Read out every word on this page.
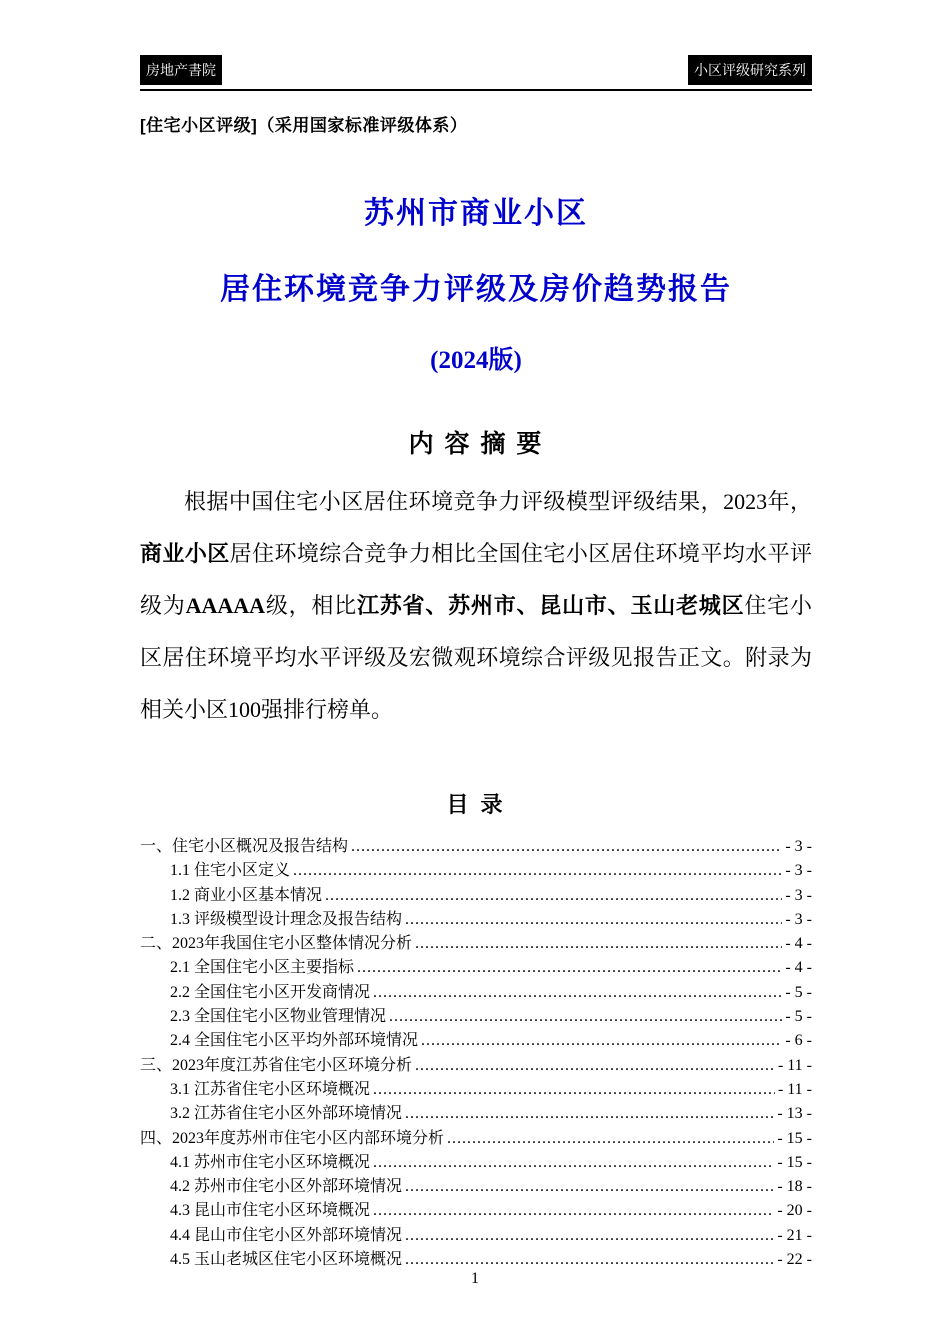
房地产書院	小区评级研究系列
[住宅小区评级]（采用国家标准评级体系）
苏州市商业小区
居住环境竞争力评级及房价趋势报告
(2024版)
内 容 摘 要

根据中国住宅小区居住环境竞争力评级模型评级结果，2023年，商业小区居住环境综合竞争力相比全国住宅小区居住环境平均水平评级为AAAAA级，相比江苏省、苏州市、昆山市、玉山老城区住宅小区居住环境平均水平评级及宏微观环境综合评级见报告正文。附录为相关小区100强排行榜单。

目 录
一、住宅小区概况及报告结构 .....	- 3 -
1.1 住宅小区定义 .....	- 3 -
1.2 商业小区基本情况 .....	- 3 -
1.3 评级模型设计理念及报告结构 .....	- 3 -
二、2023年我国住宅小区整体情况分析 .....	- 4 -
2.1 全国住宅小区主要指标 .....	- 4 -
2.2 全国住宅小区开发商情况 .....	- 5 -
2.3 全国住宅小区物业管理情况 .....	- 5 -
2.4 全国住宅小区平均外部环境情况 .....	- 6 -
三、2023年度江苏省住宅小区环境分析 .....	- 11 -
3.1 江苏省住宅小区环境概况 .....	- 11 -
3.2 江苏省住宅小区外部环境情况 .....	- 13 -
四、2023年度苏州市住宅小区内部环境分析 .....	- 15 -
4.1 苏州市住宅小区环境概况 .....	- 15 -
4.2 苏州市住宅小区外部环境情况 .....	- 18 -
4.3 昆山市住宅小区环境概况 .....	- 20 -
4.4 昆山市住宅小区外部环境情况 .....	- 21 -
4.5 玉山老城区住宅小区环境概况 .....	- 22 -
1
